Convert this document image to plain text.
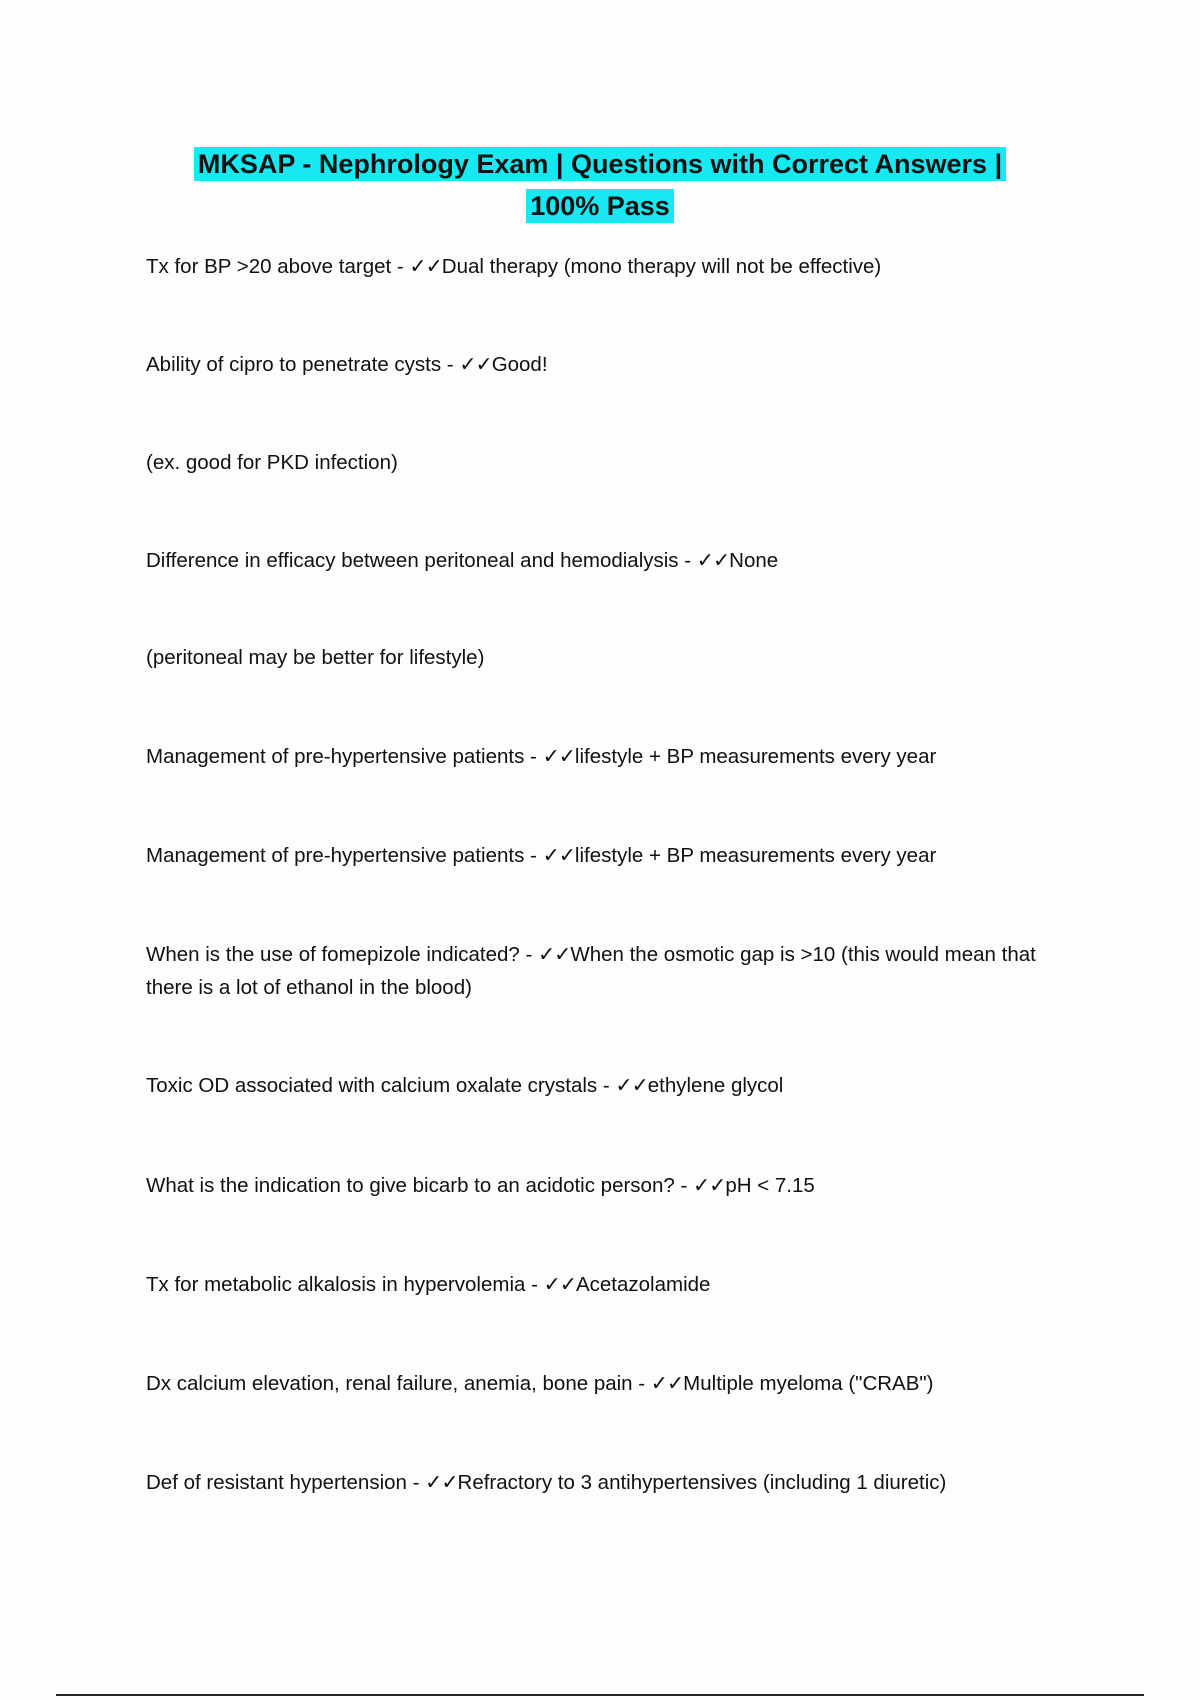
MKSAP - Nephrology Exam | Questions with Correct Answers |
100% Pass
Tx for BP >20 above target - ✓✓Dual therapy (mono therapy will not be effective)
Ability of cipro to penetrate cysts - ✓✓Good!
(ex. good for PKD infection)
Difference in efficacy between peritoneal and hemodialysis - ✓✓None
(peritoneal may be better for lifestyle)
Management of pre-hypertensive patients - ✓✓lifestyle + BP measurements every year
Management of pre-hypertensive patients - ✓✓lifestyle + BP measurements every year
When is the use of fomepizole indicated? - ✓✓When the osmotic gap is >10 (this would mean that there is a lot of ethanol in the blood)
Toxic OD associated with calcium oxalate crystals - ✓✓ethylene glycol
What is the indication to give bicarb to an acidotic person? - ✓✓pH < 7.15
Tx for metabolic alkalosis in hypervolemia - ✓✓Acetazolamide
Dx calcium elevation, renal failure, anemia, bone pain - ✓✓Multiple myeloma ("CRAB")
Def of resistant hypertension - ✓✓Refractory to 3 antihypertensives (including 1 diuretic)
